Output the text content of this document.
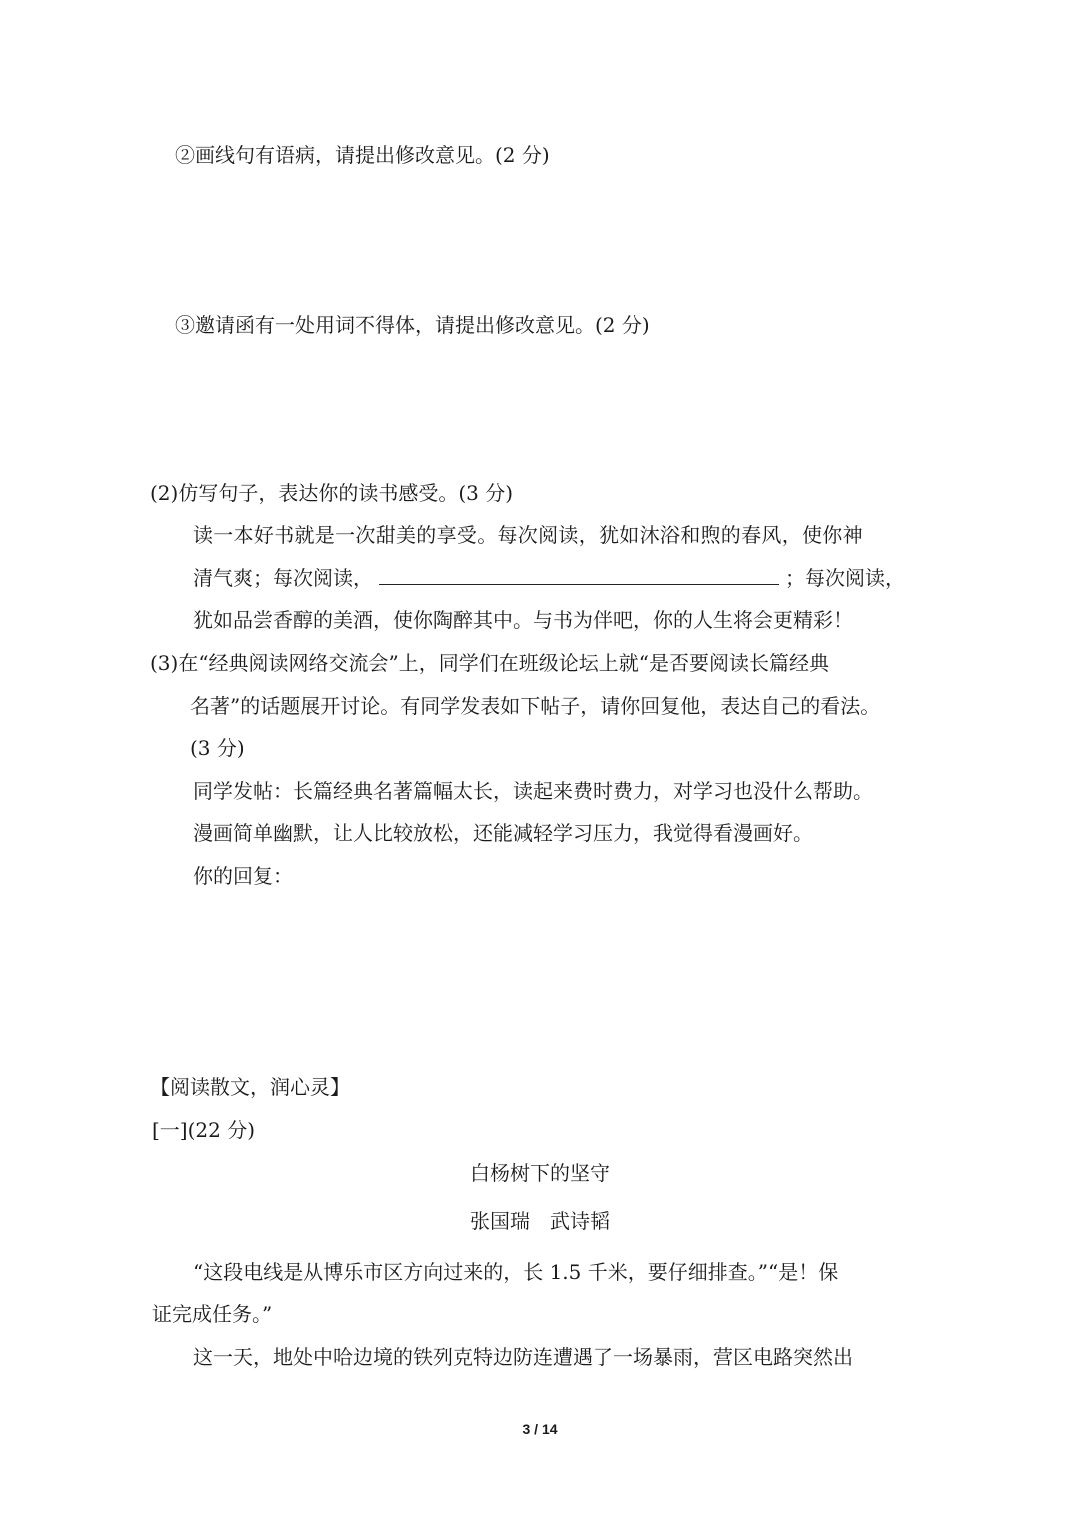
②画线句有语病，请提出修改意见。(2 分)
③邀请函有一处用词不得体，请提出修改意见。(2 分)
(2)仿写句子，表达你的读书感受。(3 分)
读一本好书就是一次甜美的享受。每次阅读，犹如沐浴和煦的春风，使你神
清气爽；每次阅读，	；每次阅读，
犹如品尝香醇的美酒，使你陶醉其中。与书为伴吧，你的人生将会更精彩！
(3)在“经典阅读网络交流会”上，同学们在班级论坛上就“是否要阅读长篇经典
名著”的话题展开讨论。有同学发表如下帖子，请你回复他，表达自己的看法。
(3 分)
同学发帖：长篇经典名著篇幅太长，读起来费时费力，对学习也没什么帮助。
漫画简单幽默，让人比较放松，还能减轻学习压力，我觉得看漫画好。
你的回复：
【阅读散文，润心灵】
[一](22 分)
白杨树下的坚守
张国瑞　武诗韬
“这段电线是从博乐市区方向过来的，长 1.5 千米，要仔细排查。”“是！保
证完成任务。”
这一天，地处中哈边境的铁列克特边防连遭遇了一场暴雨，营区电路突然出
3 / 14
